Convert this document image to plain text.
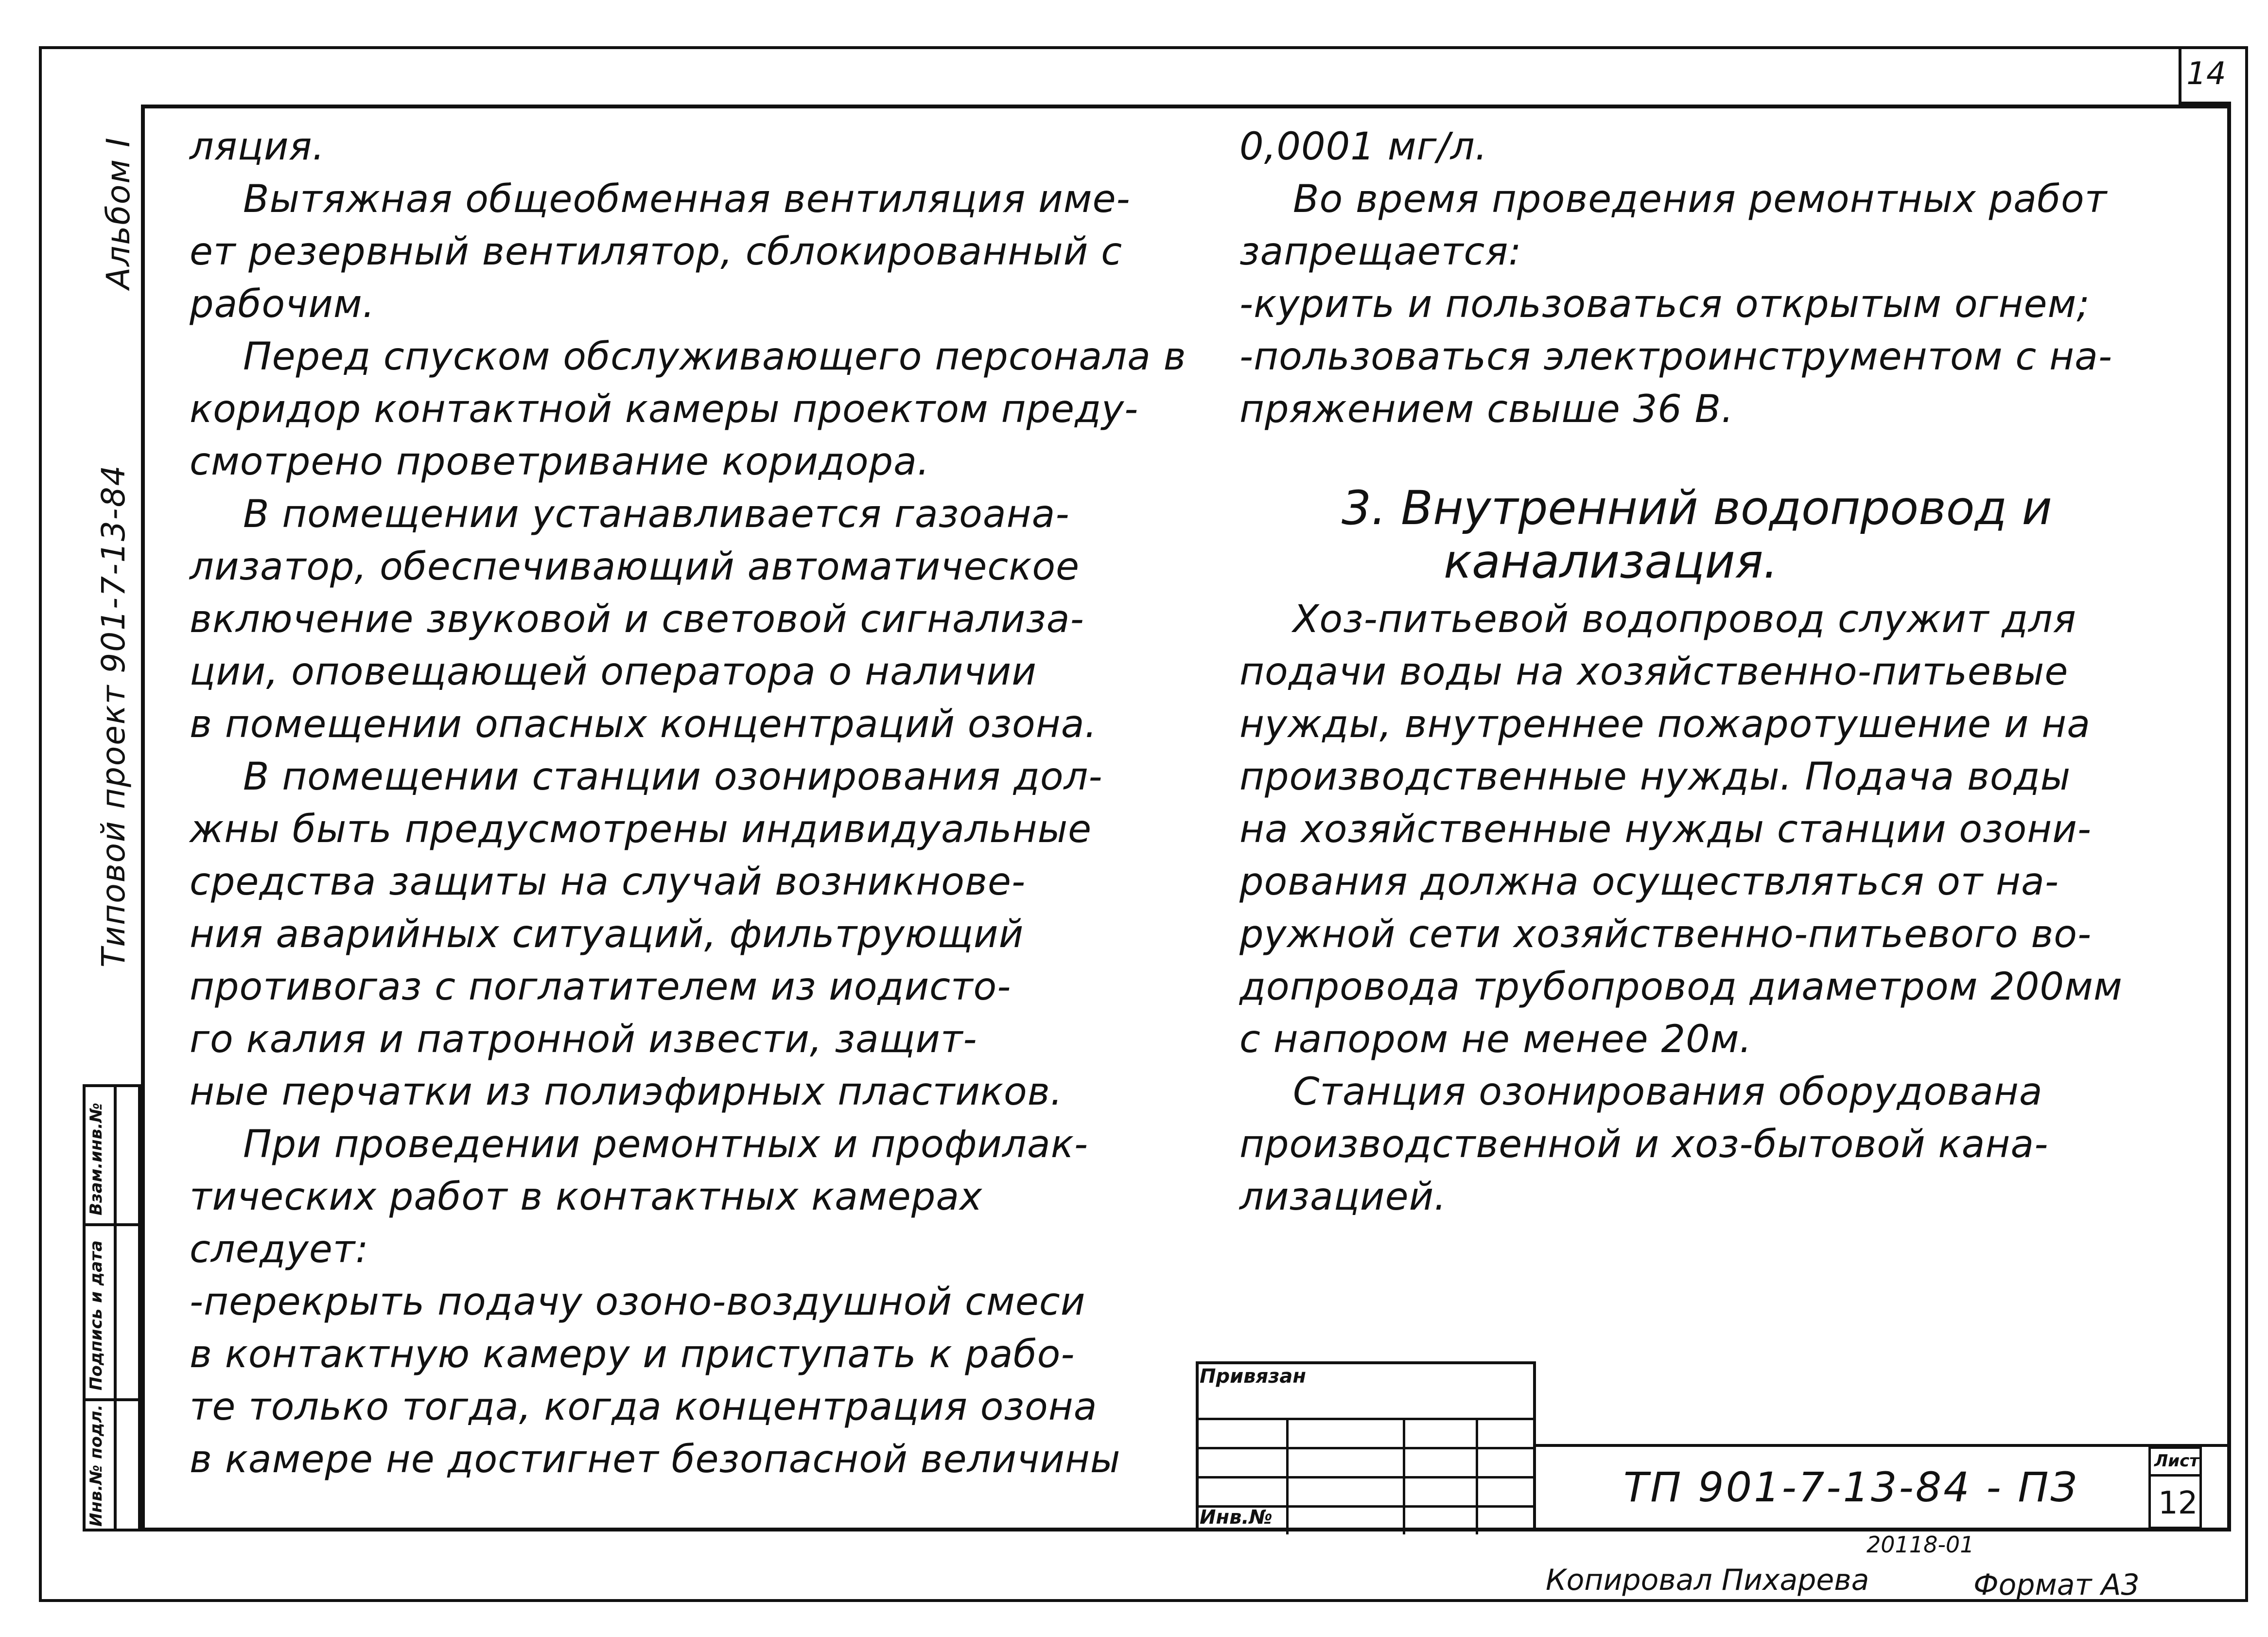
14
Альбом I
Типовой проект 901-7-13-84
Взам.инв.№
Подпись и дата
Инв.№ подл.

ляция.

Вытяжная общеобменная вентиляция име-

ет резервный вентилятор, сблокированный с

рабочим.

Перед спуском обслуживающего персонала в

коридор контактной камеры проектом преду-

смотрено проветривание коридора.

В помещении устанавливается газоана-

лизатор, обеспечивающий автоматическое

включение звуковой и световой сигнализа-

ции, оповещающей оператора о наличии

в помещении опасных концентраций озона.

В помещении станции озонирования дол-

жны быть предусмотрены индивидуальные

средства защиты на случай возникнове-

ния аварийных ситуаций, фильтрующий

противогаз с поглатителем из иодисто-

го калия и патронной извести, защит-

ные перчатки из полиэфирных пластиков.

При проведении ремонтных и профилак-

тических работ в контактных камерах

следует:

-перекрыть подачу озоно-воздушной смеси

в контактную камеру и приступать к рабо-

те только тогда, когда концентрация озона

в камере не достигнет безопасной величины

0,0001 мг/л.

Во время проведения ремонтных работ

запрещается:

-курить и пользоваться открытым огнем;

-пользоваться электроинструментом с на-

пряжением свыше 36 В.

3. Внутренний водопровод и
канализация.

Хоз-питьевой водопровод служит для

подачи воды на хозяйственно-питьевые

нужды, внутреннее пожаротушение и на

производственные нужды. Подача воды

на хозяйственные нужды станции озони-

рования должна осуществляться от на-

ружной сети хозяйственно-питьевого во-

допровода трубопровод диаметром 200мм

с напором не менее 20м.

Станция озонирования оборудована

производственной и хоз-бытовой кана-

лизацией.

Привязан
Инв.№
ТП 901-7-13-84 - ПЗ
Лист
12
20118-01
Копировал Пихарева	Формат А3
